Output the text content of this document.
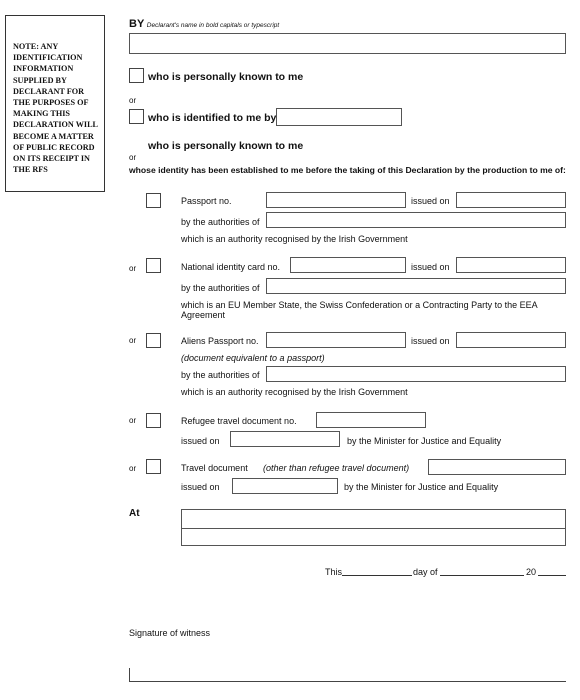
NOTE: ANY IDENTIFICATION INFORMATION SUPPLIED BY DECLARANT FOR THE PURPOSES OF MAKING THIS DECLARATION WILL BECOME A MATTER OF PUBLIC RECORD ON ITS RECEIPT IN THE RFS
BY Declarant's name in bold capitals or typescript
who is personally known to me
or
who is identified to me by
who is personally known to me
or
whose identity has been established to me before the taking of this Declaration by the production to me of:
Passport no.	issued on
by the authorities of
which is an authority recognised by the Irish Government
or	National identity card no.	issued on
by the authorities of
which is an EU Member State, the Swiss Confederation or a Contracting Party to the EEA Agreement
or	Aliens Passport no.	issued on
(document equivalent to a passport)
by the authorities of
which is an authority recognised by the Irish Government
or	Refugee travel document no.
issued on	by the Minister for Justice and Equality
or	Travel document (other than refugee travel document)
issued on	by the Minister for Justice and Equality
At
This	day of	20
Signature of witness
